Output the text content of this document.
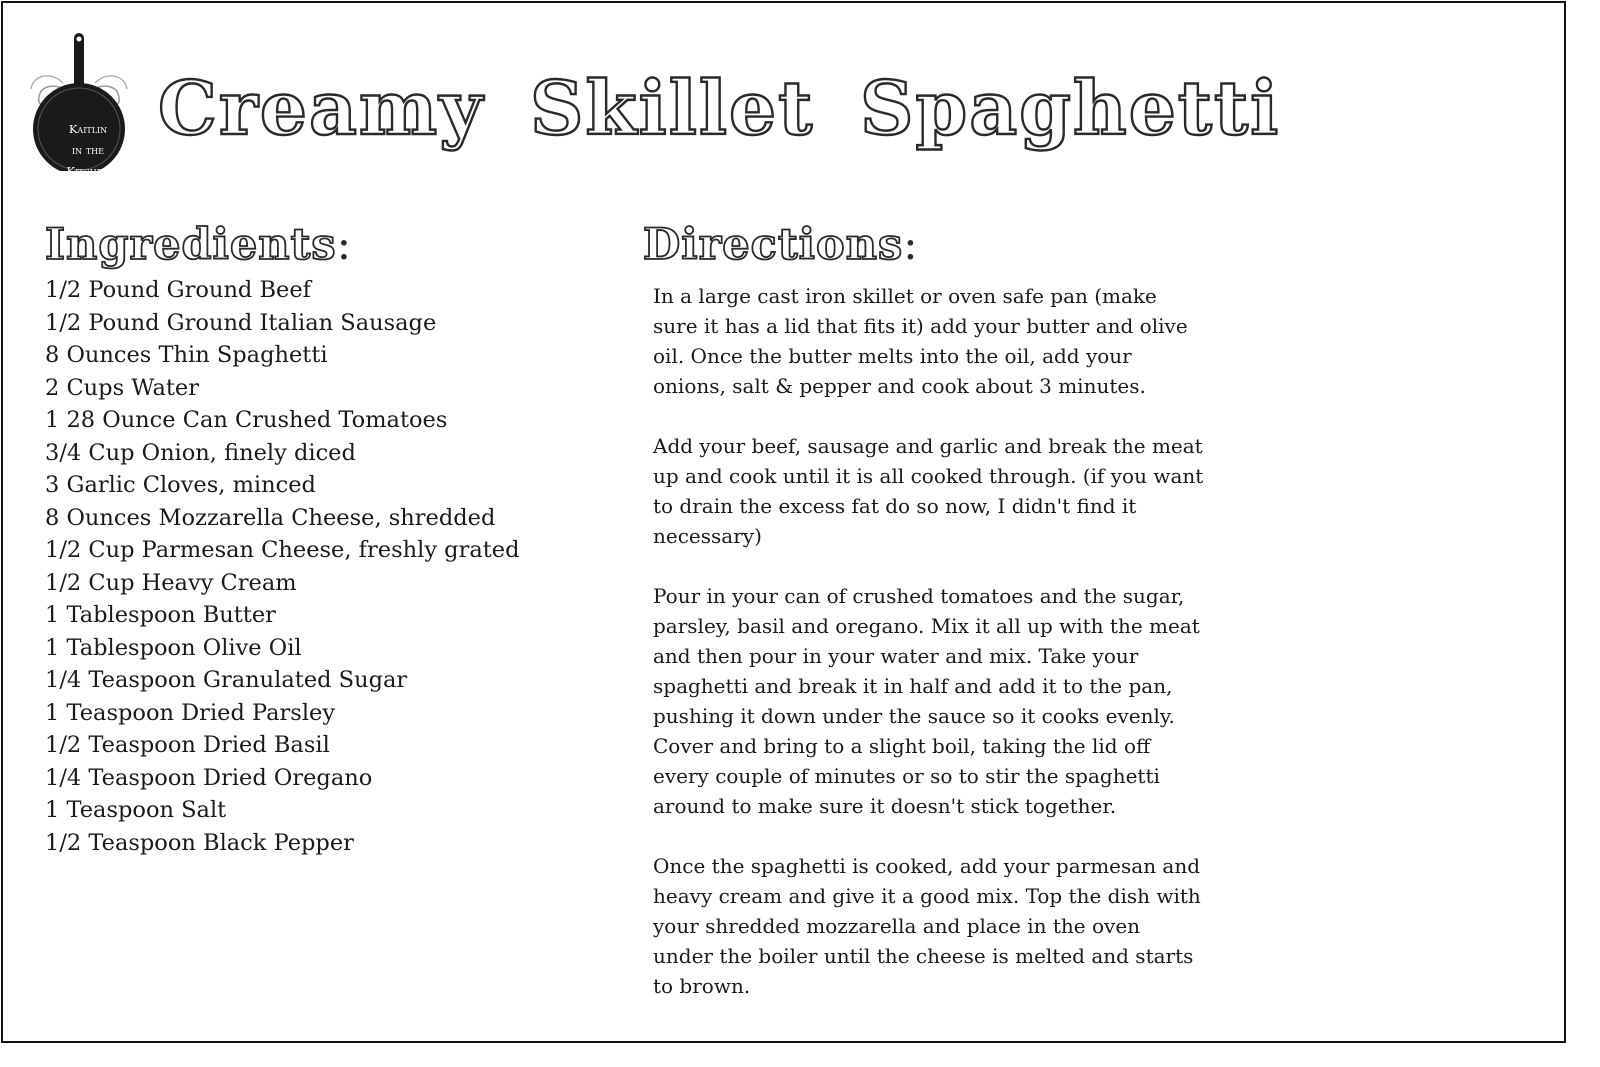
Kaitlin
in the
Kitchen
Creamy Skillet Spaghetti
Ingredients:
1/2 Pound Ground Beef
1/2 Pound Ground Italian Sausage
8 Ounces Thin Spaghetti
2 Cups Water
1 28 Ounce Can Crushed Tomatoes
3/4 Cup Onion, finely diced
3 Garlic Cloves, minced
8 Ounces Mozzarella Cheese, shredded
1/2 Cup Parmesan Cheese, freshly grated
1/2 Cup Heavy Cream
1 Tablespoon Butter
1 Tablespoon Olive Oil
1/4 Teaspoon Granulated Sugar
1 Teaspoon Dried Parsley
1/2 Teaspoon Dried Basil
1/4 Teaspoon Dried Oregano
1 Teaspoon Salt
1/2 Teaspoon Black Pepper
Directions:

In a large cast iron skillet or oven safe pan (make sure it has a lid that fits it) add your butter and olive oil. Once the butter melts into the oil, add your onions, salt & pepper and cook about 3 minutes.

Add your beef, sausage and garlic and break the meat up and cook until it is all cooked through. (if you want to drain the excess fat do so now, I didn't find it necessary)

Pour in your can of crushed tomatoes and the sugar, parsley, basil and oregano. Mix it all up with the meat and then pour in your water and mix. Take your spaghetti and break it in half and add it to the pan, pushing it down under the sauce so it cooks evenly. Cover and bring to a slight boil, taking the lid off every couple of minutes or so to stir the spaghetti around to make sure it doesn't stick together.

Once the spaghetti is cooked, add your parmesan and heavy cream and give it a good mix. Top the dish with your shredded mozzarella and place in the oven under the boiler until the cheese is melted and starts to brown.
